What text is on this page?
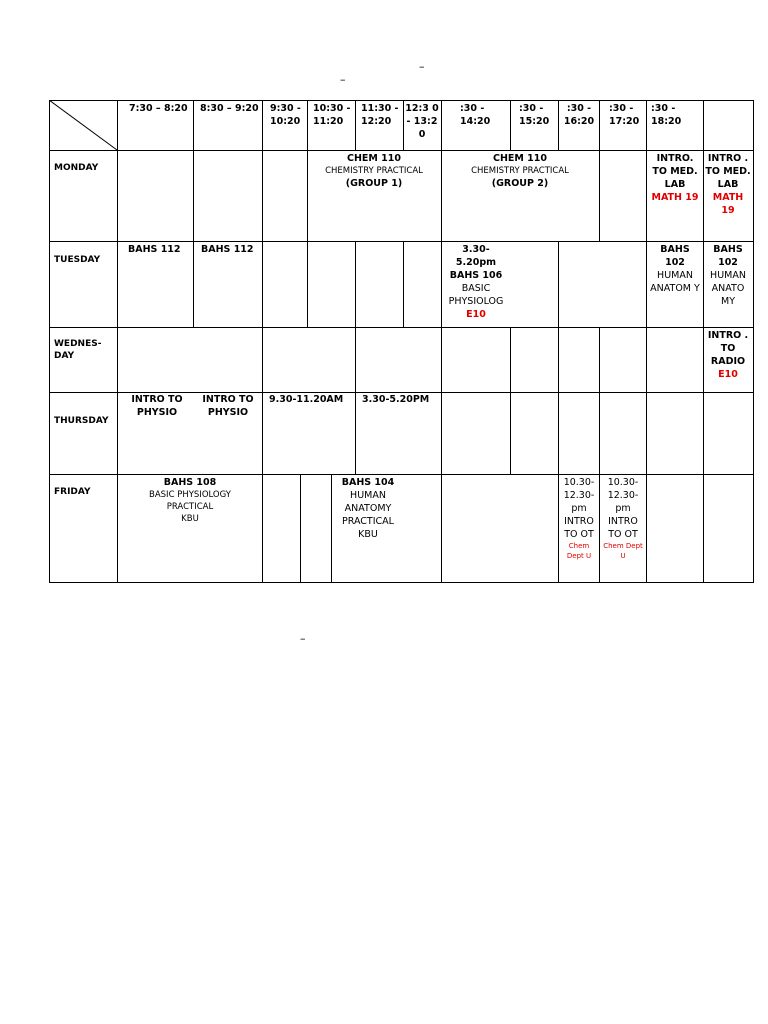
–
–
–
7:30 – 8:20 8:30 – 9:20 9:30 - 10:20
10:30 - 11:20
11:30 - 12:20
12:3 0 - 13:2 0
:30 - 14:20
:30 - 15:20
:30 - 16:20
:30 - 17:20
:30 - 18:20
MONDAY
TUESDAY
WEDNES- DAY
THURSDAY
FRIDAY
CHEM 110
CHEMISTRY PRACTICAL
(GROUP 1)
CHEM 110
CHEMISTRY PRACTICAL
(GROUP 2)
INTRO. TO MED. LAB
MATH 19
INTRO . TO MED. LAB
MATH 19
BAHS 112 BAHS 112	3.30- 5.20pm
BAHS 106
BASIC PHYSIOLOG
E10
BAHS 102
HUMAN ANATOM Y
BAHS 102
HUMAN ANATO MY
INTRO . TO RADIO
E10
INTRO TO PHYSIO
INTRO TO PHYSIO
9.30-11.20AM 3.30-5.20PM
BAHS 108
BASIC PHYSIOLOGY PRACTICAL
KBU
BAHS 104
HUMAN ANATOMY PRACTICAL
KBU
10.30- 12.30- pm
INTRO TO OT
Chem Dept U
10.30- 12.30- pm
INTRO TO OT
Chem Dept U
